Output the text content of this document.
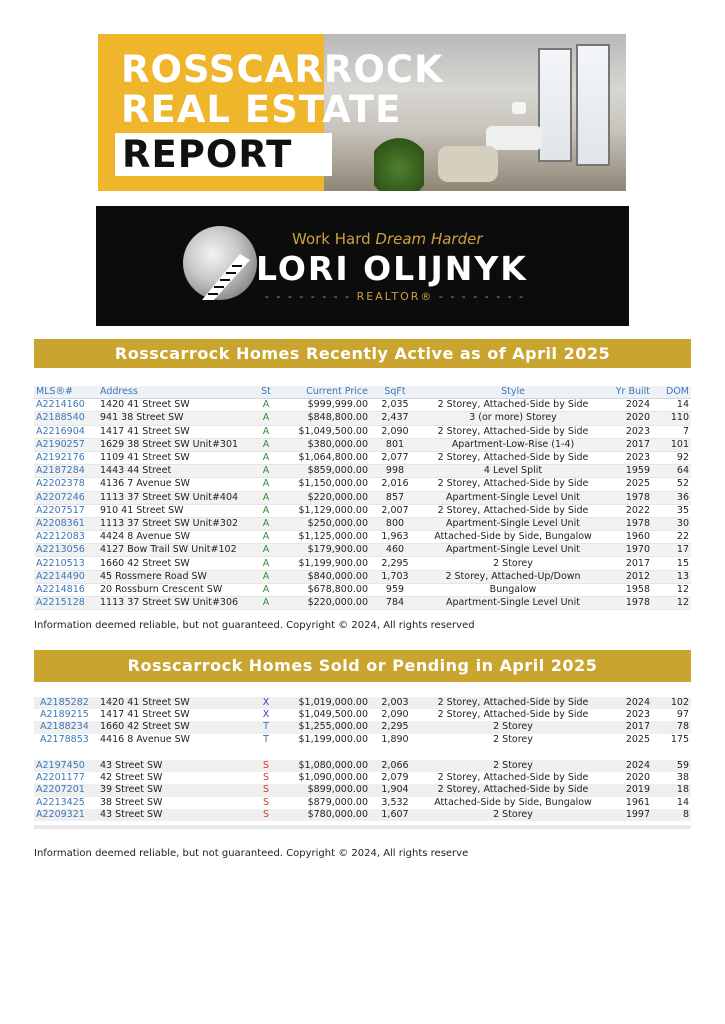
ROSSCARROCK
REAL ESTATE
REPORT
Work Hard Dream Harder
LORI OLIJNYK
- - - - - - - - REALTOR® - - - - - - - -
Rosscarrock Homes Recently Active as of April 2025
MLS®#	Address	St	Current Price	SqFt	Style	Yr Built	DOM
A2214160	1420 41 Street SW	A	$999,999.00	2,035	2 Storey, Attached-Side by Side	2024	14
A2188540	941 38 Street SW	A	$848,800.00	2,437	3 (or more) Storey	2020	110
A2216904	1417 41 Street SW	A	$1,049,500.00	2,090	2 Storey, Attached-Side by Side	2023	7
A2190257	1629 38 Street SW Unit#301	A	$380,000.00	801	Apartment-Low-Rise (1-4)	2017	101
A2192176	1109 41 Street SW	A	$1,064,800.00	2,077	2 Storey, Attached-Side by Side	2023	92
A2187284	1443 44 Street	A	$859,000.00	998	4 Level Split	1959	64
A2202378	4136 7 Avenue SW	A	$1,150,000.00	2,016	2 Storey, Attached-Side by Side	2025	52
A2207246	1113 37 Street SW Unit#404	A	$220,000.00	857	Apartment-Single Level Unit	1978	36
A2207517	910 41 Street SW	A	$1,129,000.00	2,007	2 Storey, Attached-Side by Side	2022	35
A2208361	1113 37 Street SW Unit#302	A	$250,000.00	800	Apartment-Single Level Unit	1978	30
A2212083	4424 8 Avenue SW	A	$1,125,000.00	1,963	Attached-Side by Side, Bungalow	1960	22
A2213056	4127 Bow Trail SW Unit#102	A	$179,900.00	460	Apartment-Single Level Unit	1970	17
A2210513	1660 42 Street SW	A	$1,199,900.00	2,295	2 Storey	2017	15
A2214490	45 Rossmere Road SW	A	$840,000.00	1,703	2 Storey, Attached-Up/Down	2012	13
A2214816	20 Rossburn Crescent SW	A	$678,800.00	959	Bungalow	1958	12
A2215128	1113 37 Street SW Unit#306	A	$220,000.00	784	Apartment-Single Level Unit	1978	12
Information deemed reliable, but not guaranteed. Copyright © 2024, All rights reserved
Rosscarrock Homes Sold or Pending in April 2025
A2185282	1420 41 Street SW	X	$1,019,000.00	2,003	2 Storey, Attached-Side by Side	2024	102
A2189215	1417 41 Street SW	X	$1,049,500.00	2,090	2 Storey, Attached-Side by Side	2023	97
A2188234	1660 42 Street SW	T	$1,255,000.00	2,295	2 Storey	2017	78
A2178853	4416 8 Avenue SW	T	$1,199,000.00	1,890	2 Storey	2025	175
A2197450	43 Street SW	S	$1,080,000.00	2,066	2 Storey	2024	59
A2201177	42 Street SW	S	$1,090,000.00	2,079	2 Storey, Attached-Side by Side	2020	38
A2207201	39 Street SW	S	$899,000.00	1,904	2 Storey, Attached-Side by Side	2019	18
A2213425	38 Street SW	S	$879,000.00	3,532	Attached-Side by Side, Bungalow	1961	14
A2209321	43 Street SW	S	$780,000.00	1,607	2 Storey	1997	8
Information deemed reliable, but not guaranteed. Copyright © 2024, All rights reserve
